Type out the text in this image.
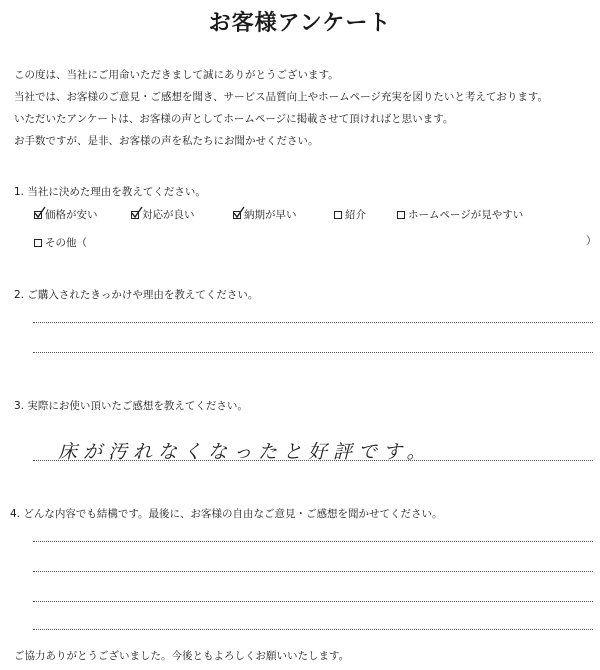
お客様アンケート
この度は、当社にご用命いただきまして誠にありがとうございます。
当社では、お客様のご意見・ご感想を聞き、サービス品質向上やホームページ充実を図りたいと考えております。
いただいたアンケートは、お客様の声としてホームページに掲載させて頂ければと思います。
お手数ですが、是非、お客様の声を私たちにお聞かせください。
1. 当社に決めた理由を教えてください。
価格が安い	対応が良い	納期が早い	紹介	ホームページが見やすい
その他（	）
2. ご購入されたきっかけや理由を教えてください。
3. 実際にお使い頂いたご感想を教えてください。
床が汚れなくなったと好評です。
4. どんな内容でも結構です。最後に、お客様の自由なご意見・ご感想を聞かせてください。
ご協力ありがとうございました。今後ともよろしくお願いいたします。
